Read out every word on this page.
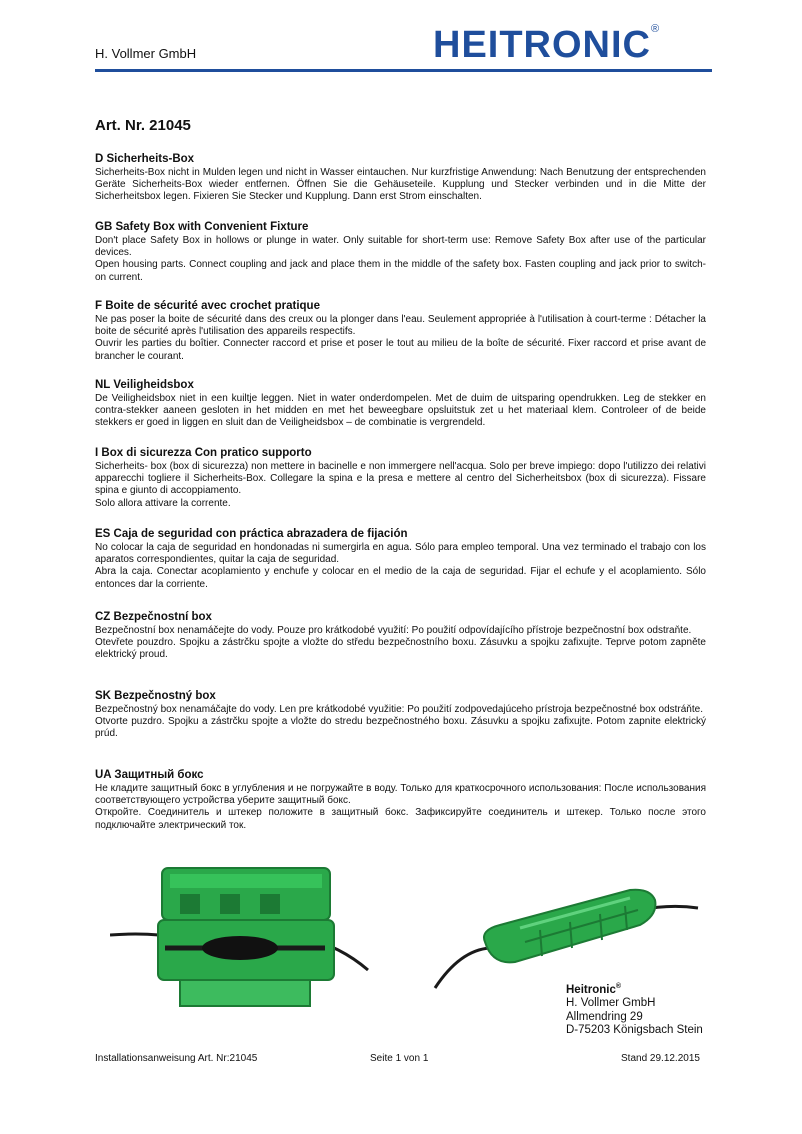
H. Vollmer GmbH	HEITRONIC®
Art. Nr. 21045
D Sicherheits-Box

Sicherheits-Box nicht in Mulden legen und nicht in Wasser eintauchen. Nur kurzfristige Anwendung: Nach Benutzung der entsprechenden Geräte Sicherheits-Box wieder entfernen. Öffnen Sie die Gehäuseteile. Kupplung und Stecker verbinden und in die Mitte der Sicherheitsbox legen. Fixieren Sie Stecker und Kupplung. Dann erst Strom einschalten.

GB Safety Box with Convenient Fixture

Don't place Safety Box in hollows or plunge in water. Only suitable for short-term use: Remove Safety Box after use of the particular devices.

Open housing parts. Connect coupling and jack and place them in the middle of the safety box. Fasten coupling and jack prior to switch-on current.

F Boite de sécurité avec crochet pratique

Ne pas poser la boite de sécurité dans des creux ou la plonger dans l'eau. Seulement appropriée à l'utilisation à court-terme : Détacher la boite de sécurité après l'utilisation des appareils respectifs.

Ouvrir les parties du boîtier. Connecter raccord et prise et poser le tout au milieu de la boîte de sécurité. Fixer raccord et prise avant de brancher le courant.

NL Veiligheidsbox

De Veiligheidsbox niet in een kuiltje leggen. Niet in water onderdompelen. Met de duim de uitsparing opendrukken. Leg de stekker en contra-stekker aaneen gesloten in het midden en met het beweegbare opsluitstuk zet u het materiaal klem. Controleer of de beide stekkers er goed in liggen en sluit dan de Veiligheidsbox – de combinatie is vergrendeld.

I Box di sicurezza Con pratico supporto

Sicherheits- box (box di sicurezza) non mettere in bacinelle e non immergere nell'acqua. Solo per breve impiego: dopo l'utilizzo dei relativi apparecchi togliere il Sicherheits-Box. Collegare la spina e la presa e mettere al centro del Sicherheitsbox (box di sicurezza). Fissare spina e giunto di accoppiamento.

Solo allora attivare la corrente.

ES Caja de seguridad con práctica abrazadera de fijación

No colocar la caja de seguridad en hondonadas ni sumergirla en agua. Sólo para empleo temporal. Una vez terminado el trabajo con los aparatos correspondientes, quitar la caja de seguridad.

Abra la caja. Conectar acoplamiento y enchufe y colocar en el medio de la caja de seguridad. Fijar el echufe y el acoplamiento. Sólo entonces dar la corriente.

CZ Bezpečnostní box

Bezpečnostní box nenamáčejte do vody. Pouze pro krátkodobé využití: Po použití odpovídajícího přístroje bezpečnostní box odstraňte.

Otevřete pouzdro. Spojku a zástrčku spojte a vložte do středu bezpečnostního boxu. Zásuvku a spojku zafixujte. Teprve potom zapněte elektrický proud.

SK Bezpečnostný box

Bezpečnostný box nenamáčajte do vody. Len pre krátkodobé využitie: Po použití zodpovedajúceho prístroja bezpečnostné box odstráňte.

Otvorte puzdro. Spojku a zástrčku spojte a vložte do stredu bezpečnostného boxu. Zásuvku a spojku zafixujte. Potom zapnite elektrický prúd.

UA Защитный бокс

Не кладите защитный бокс в углубления и не погружайте в воду. Только для краткосрочного использования: После использования соответствующего устройства уберите защитный бокс.

Откройте. Соединитель и штекер положите в защитный бокс. Зафиксируйте соединитель и штекер. Только после этого подключайте электрический ток.

Heitronic®
H. Vollmer GmbH
Allmendring 29
D-75203 Königsbach Stein
Installationsanweisung Art. Nr:21045	Seite 1 von 1	Stand 29.12.2015
